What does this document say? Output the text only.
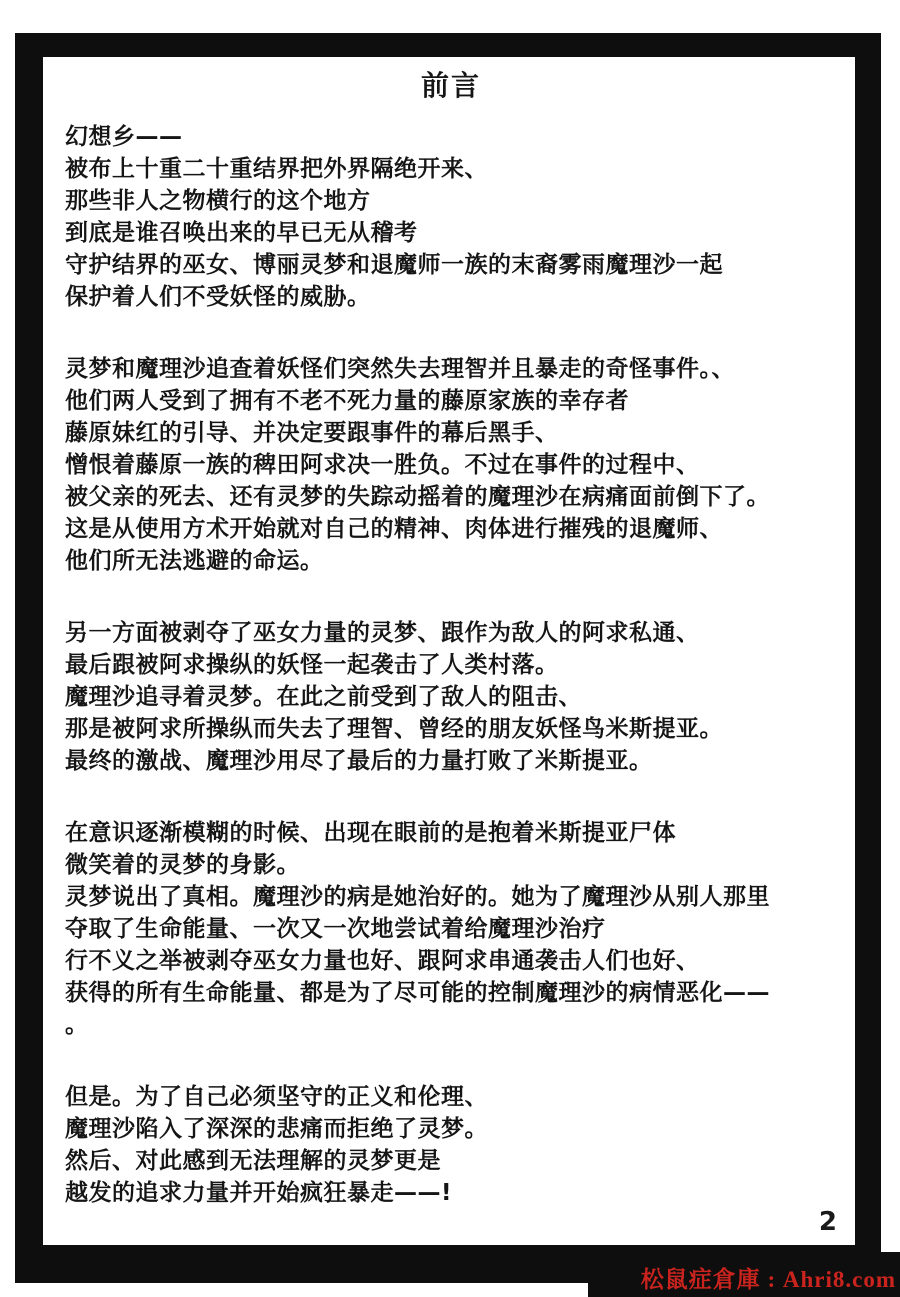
前言
幻想乡——
被布上十重二十重结界把外界隔绝开来、
那些非人之物横行的这个地方
到底是谁召唤出来的早已无从稽考
守护结界的巫女、博丽灵梦和退魔师一族的末裔雾雨魔理沙一起
保护着人们不受妖怪的威胁。
灵梦和魔理沙追查着妖怪们突然失去理智并且暴走的奇怪事件。、
他们两人受到了拥有不老不死力量的藤原家族的幸存者
藤原妹红的引导、并决定要跟事件的幕后黑手、
憎恨着藤原一族的稗田阿求决一胜负。不过在事件的过程中、
被父亲的死去、还有灵梦的失踪动摇着的魔理沙在病痛面前倒下了。
这是从使用方术开始就对自己的精神、肉体进行摧残的退魔师、
他们所无法逃避的命运。
另一方面被剥夺了巫女力量的灵梦、跟作为敌人的阿求私通、
最后跟被阿求操纵的妖怪一起袭击了人类村落。
魔理沙追寻着灵梦。在此之前受到了敌人的阻击、
那是被阿求所操纵而失去了理智、曾经的朋友妖怪鸟米斯提亚。
最终的激战、魔理沙用尽了最后的力量打败了米斯提亚。
在意识逐渐模糊的时候、出现在眼前的是抱着米斯提亚尸体
微笑着的灵梦的身影。
灵梦说出了真相。魔理沙的病是她治好的。她为了魔理沙从别人那里
夺取了生命能量、一次又一次地尝试着给魔理沙治疗
行不义之举被剥夺巫女力量也好、跟阿求串通袭击人们也好、
获得的所有生命能量、都是为了尽可能的控制魔理沙的病情恶化——
。
但是。为了自己必须坚守的正义和伦理、
魔理沙陷入了深深的悲痛而拒绝了灵梦。
然后、对此感到无法理解的灵梦更是
越发的追求力量并开始疯狂暴走——!
2
松鼠症倉庫 : Ahri8.com
